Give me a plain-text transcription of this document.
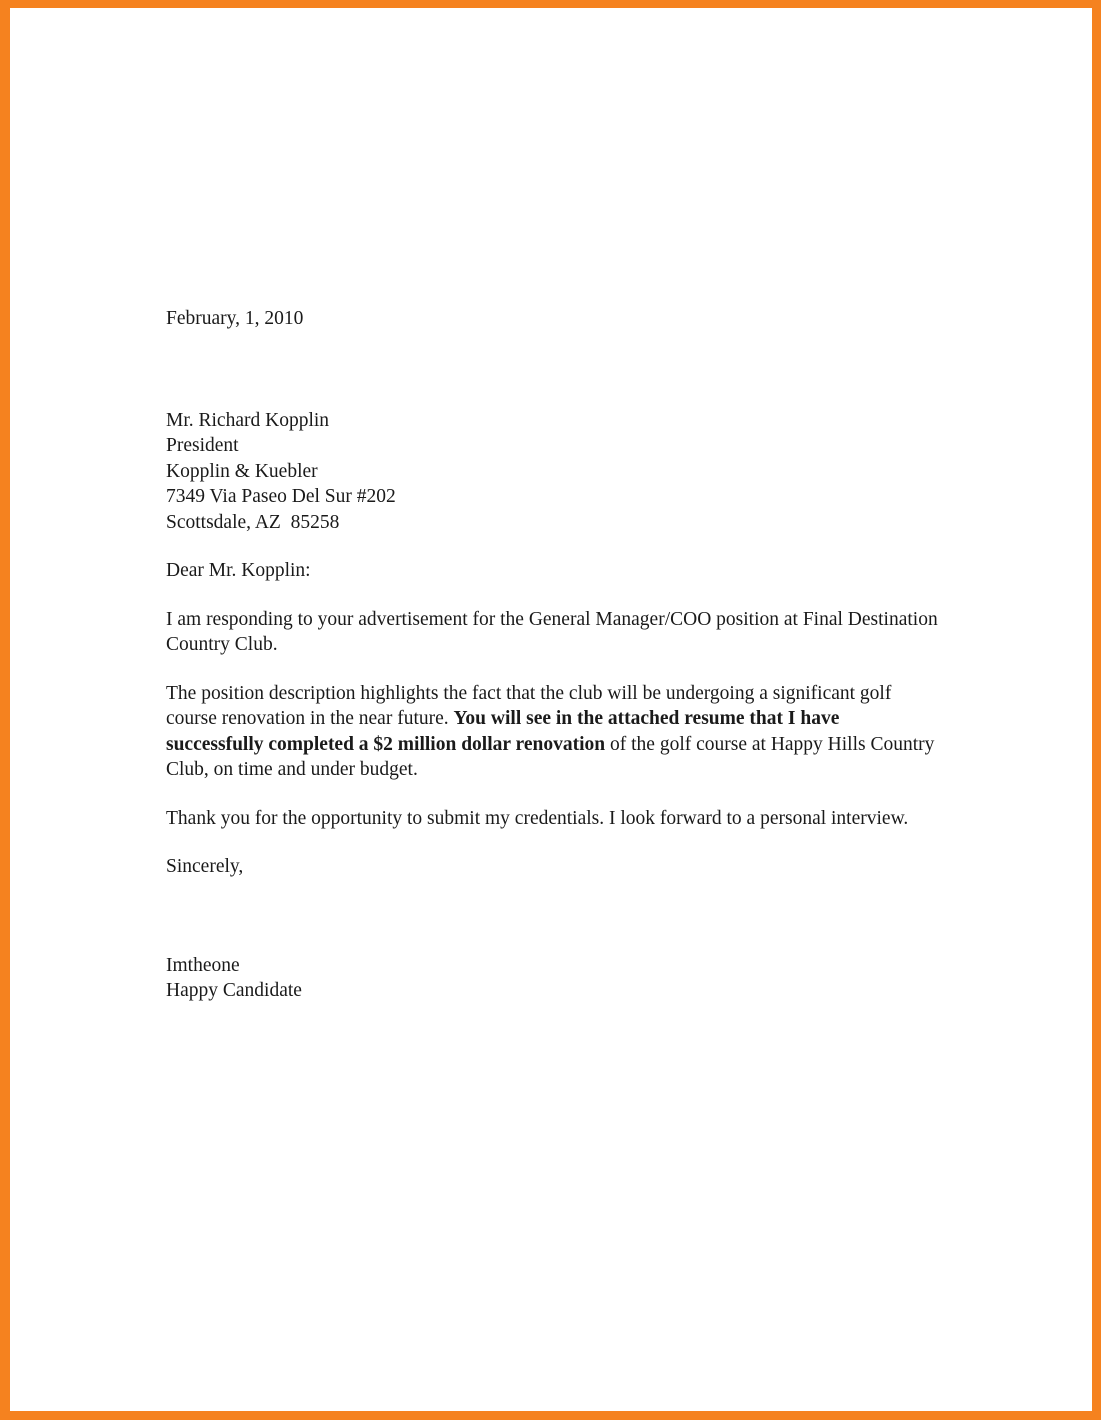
February, 1, 2010

Mr. Richard Kopplin

President

Kopplin & Kuebler

7349 Via Paseo Del Sur #202

Scottsdale, AZ  85258

Dear Mr. Kopplin:

I am responding to your advertisement for the General Manager/COO position at Final Destination Country Club.

The position description highlights the fact that the club will be undergoing a significant golf course renovation in the near future. You will see in the attached resume that I have successfully completed a $2 million dollar renovation of the golf course at Happy Hills Country Club, on time and under budget.

Thank you for the opportunity to submit my credentials. I look forward to a personal interview.

Sincerely,

Imtheone

Happy Candidate
